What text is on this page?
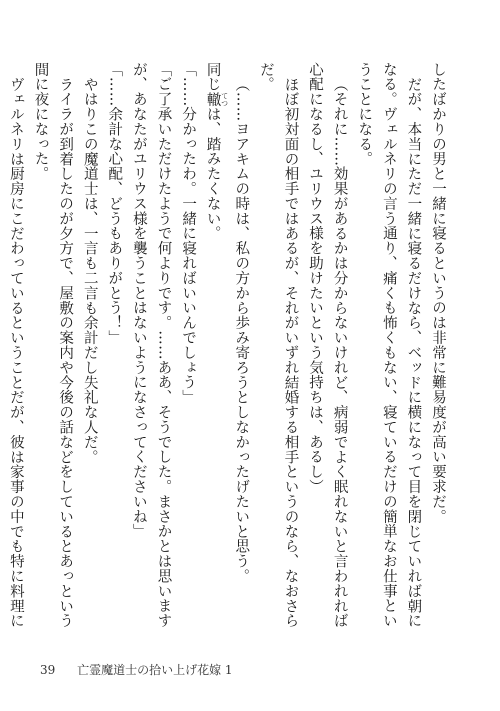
したばかりの男と一緒に寝るというのは非常に難易度が高い要求だ。

だが、本当にただ一緒に寝るだけなら、ベッドに横になって目を閉じていれば朝になる。ヴェルネリの言う通り、痛くも怖くもない、寝ているだけの簡単なお仕事ということになる。

（それに……効果があるかは分からないけれど、病弱でよく眠れないと言われれば心配になるし、ユリウス様を助けたいという気持ちは、あるし）

ほぼ初対面の相手ではあるが、それがいずれ結婚する相手というのなら、なおさらだ。

（……ヨアキムの時は、私の方から歩み寄ろうとしなかったげたいと思う。

同じ轍 てつは、踏みたくない。

「……分かったわ。一緒に寝ればいいんでしょう」

「ご了承いただけたようで何よりです。……ああ、そうでした。まさかとは思いますが、あなたがユリウス様を襲うことはないようになさってくださいね」

「……余計な心配、どうもありがとう！」

やはりこの魔道士は、一言も二言も余計だし失礼な人だ。

ライラが到着したのが夕方で、屋敷の案内や今後の話などをしているとあっという間に夜になった。

ヴェルネリは厨房にこだわっているということだが、彼は家事の中でも特に料理に

39 亡霊魔道士の拾い上げ花嫁 1
